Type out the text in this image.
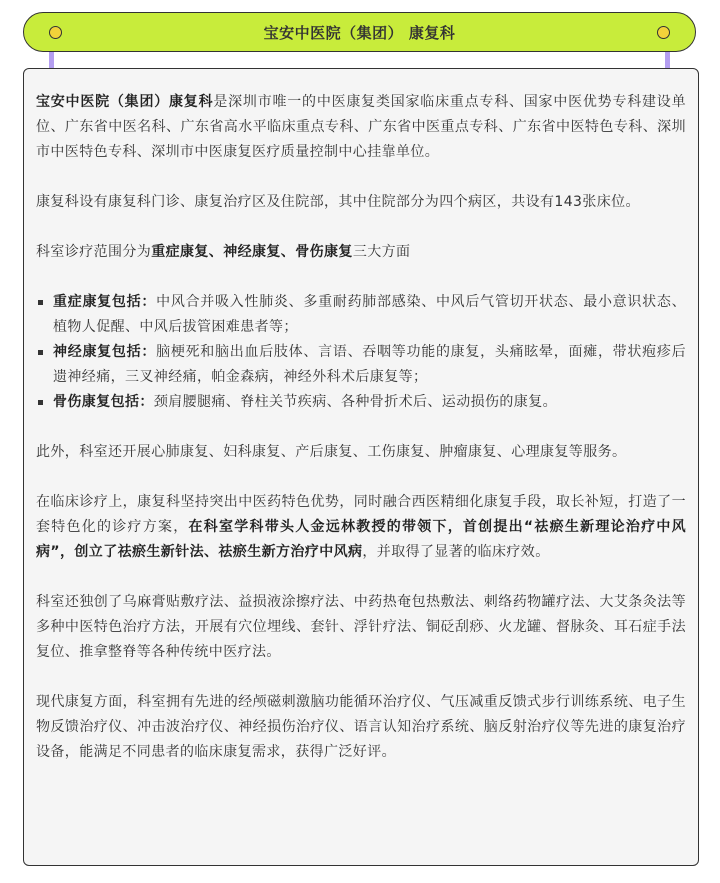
宝安中医院（集团） 康复科

宝安中医院（集团）康复科是深圳市唯一的中医康复类国家临床重点专科、国家中医优势专科建设单位、广东省中医名科、广东省高水平临床重点专科、广东省中医重点专科、广东省中医特色专科、深圳市中医特色专科、深圳市中医康复医疗质量控制中心挂靠单位。

康复科设有康复科门诊、康复治疗区及住院部，其中住院部分为四个病区，共设有143张床位。

科室诊疗范围分为重症康复、神经康复、骨伤康复三大方面

重症康复包括：中风合并吸入性肺炎、多重耐药肺部感染、中风后气管切开状态、最小意识状态、植物人促醒、中风后拔管困难患者等；
神经康复包括：脑梗死和脑出血后肢体、言语、吞咽等功能的康复，头痛眩晕，面瘫，带状疱疹后遗神经痛，三叉神经痛，帕金森病，神经外科术后康复等；
骨伤康复包括：颈肩腰腿痛、脊柱关节疾病、各种骨折术后、运动损伤的康复。

此外，科室还开展心肺康复、妇科康复、产后康复、工伤康复、肿瘤康复、心理康复等服务。

在临床诊疗上，康复科坚持突出中医药特色优势，同时融合西医精细化康复手段，取长补短，打造了一套特色化的诊疗方案，在科室学科带头人金远林教授的带领下，首创提出“祛瘀生新理论治疗中风病”，创立了祛瘀生新针法、祛瘀生新方治疗中风病，并取得了显著的临床疗效。

科室还独创了乌麻膏贴敷疗法、益损液涂擦疗法、中药热奄包热敷法、刺络药物罐疗法、大艾条灸法等多种中医特色治疗方法，开展有穴位埋线、套针、浮针疗法、铜砭刮痧、火龙罐、督脉灸、耳石症手法复位、推拿整脊等各种传统中医疗法。

现代康复方面，科室拥有先进的经颅磁刺激脑功能循环治疗仪、气压减重反馈式步行训练系统、电子生物反馈治疗仪、冲击波治疗仪、神经损伤治疗仪、语言认知治疗系统、脑反射治疗仪等先进的康复治疗设备，能满足不同患者的临床康复需求，获得广泛好评。
